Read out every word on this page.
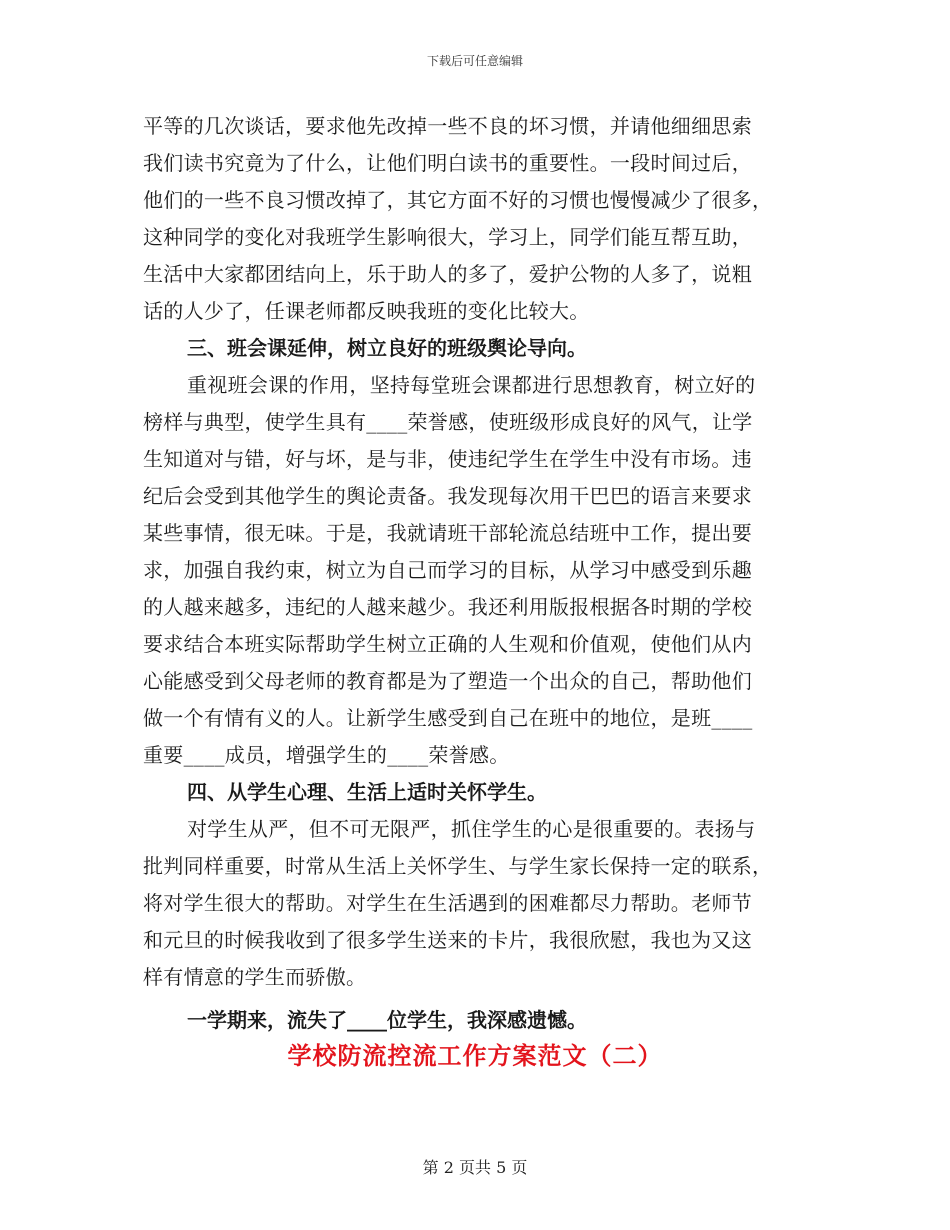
下载后可任意编辑
平等的几次谈话，要求他先改掉一些不良的坏习惯，并请他细细思索
我们读书究竟为了什么，让他们明白读书的重要性。一段时间过后，
他们的一些不良习惯改掉了，其它方面不好的习惯也慢慢减少了很多，
这种同学的变化对我班学生影响很大，学习上，同学们能互帮互助，
生活中大家都团结向上，乐于助人的多了，爱护公物的人多了，说粗
话的人少了，任课老师都反映我班的变化比较大。
三、班会课延伸，树立良好的班级舆论导向。
重视班会课的作用，坚持每堂班会课都进行思想教育，树立好的
榜样与典型，使学生具有____荣誉感，使班级形成良好的风气，让学
生知道对与错，好与坏，是与非，使违纪学生在学生中没有市场。违
纪后会受到其他学生的舆论责备。我发现每次用干巴巴的语言来要求
某些事情，很无味。于是，我就请班干部轮流总结班中工作，提出要
求，加强自我约束，树立为自己而学习的目标，从学习中感受到乐趣
的人越来越多，违纪的人越来越少。我还利用版报根据各时期的学校
要求结合本班实际帮助学生树立正确的人生观和价值观，使他们从内
心能感受到父母老师的教育都是为了塑造一个出众的自己，帮助他们
做一个有情有义的人。让新学生感受到自己在班中的地位，是班____
重要____成员，增强学生的____荣誉感。
四、从学生心理、生活上适时关怀学生。
对学生从严，但不可无限严，抓住学生的心是很重要的。表扬与
批判同样重要，时常从生活上关怀学生、与学生家长保持一定的联系，
将对学生很大的帮助。对学生在生活遇到的困难都尽力帮助。老师节
和元旦的时候我收到了很多学生送来的卡片，我很欣慰，我也为又这
样有情意的学生而骄傲。
一学期来，流失了____位学生，我深感遗憾。
学校防流控流工作方案范文（二）
第 2 页共 5 页
